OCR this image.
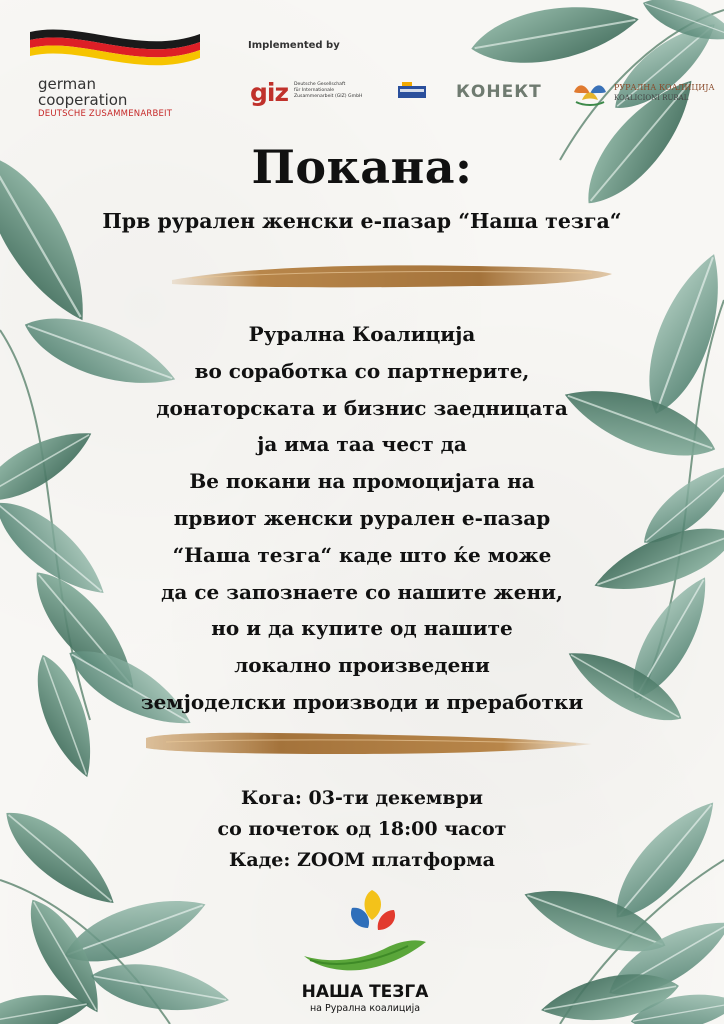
german
cooperation
DEUTSCHE ZUSAMMENARBEIT
Implemented by
giz Deutsche Gesellschaft
für Internationale
Zusammenarbeit (GIZ) GmbH	КОНЕКТ	РУРАЛНА КОАЛИЦИЈА
KOALICIONI RURAL
Покана:
Прв рурален женски е-пазар “Наша тезга“
Рурална Коалиција
во соработка со партнерите,
донаторската и бизнис заедницата
ја има таа чест да
Ве покани на промоцијата на
првиот женски рурален е-пазар
“Наша тезга“ каде што ќе може
да се запознаете со нашите жени,
но и да купите од нашите
локално произведени
земјоделски производи и преработки
Кога: 03-ти декември
со почеток од 18:00 часот
Каде: ZOOM платформа
НАША ТЕЗГА
на Рурална коалиција
